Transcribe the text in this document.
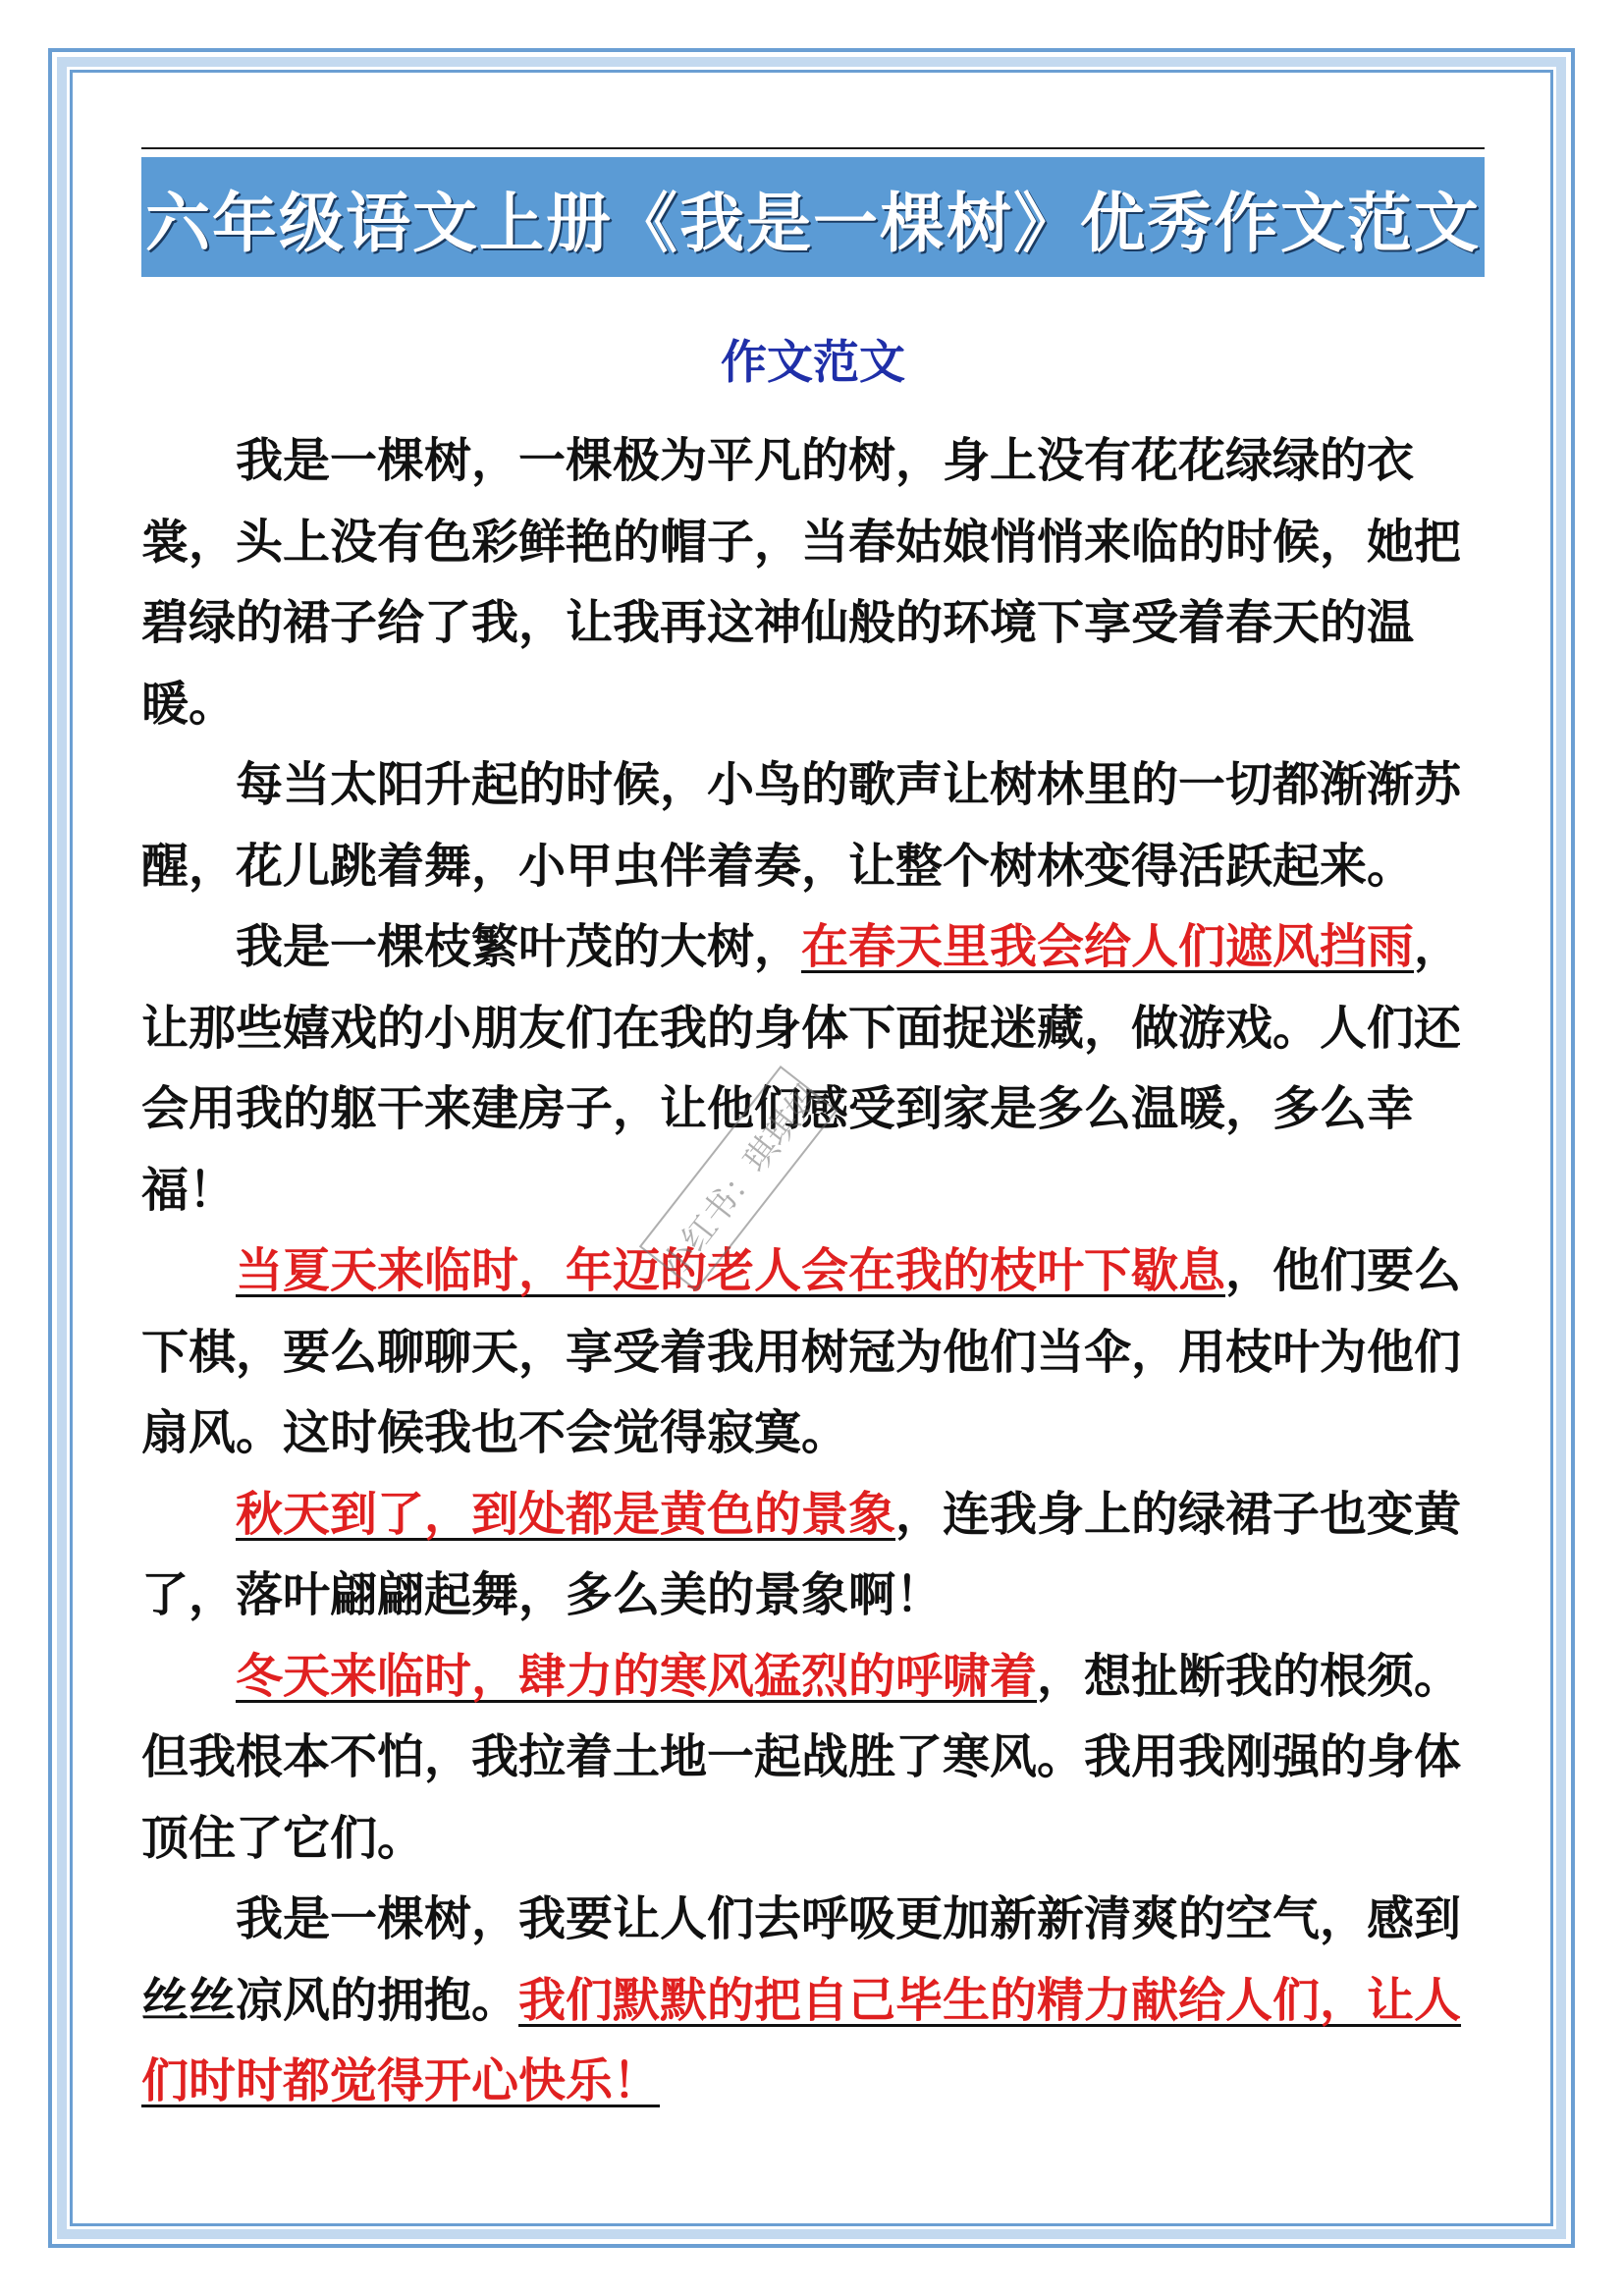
六年级语文上册《我是一棵树》优秀作文范文
作文范文

我是一棵树，一棵极为平凡的树，身上没有花花绿绿的衣裳，头上没有色彩鲜艳的帽子，当春姑娘悄悄来临的时候，她把碧绿的裙子给了我，让我再这神仙般的环境下享受着春天的温暖。

每当太阳升起的时候，小鸟的歌声让树林里的一切都渐渐苏醒，花儿跳着舞，小甲虫伴着奏，让整个树林变得活跃起来。

我是一棵枝繁叶茂的大树，在春天里我会给人们遮风挡雨，让那些嬉戏的小朋友们在我的身体下面捉迷藏，做游戏。人们还会用我的躯干来建房子，让他们感受到家是多么温暖，多么幸福！

当夏天来临时，年迈的老人会在我的枝叶下歇息，他们要么下棋，要么聊聊天，享受着我用树冠为他们当伞，用枝叶为他们扇风。这时候我也不会觉得寂寞。

秋天到了，到处都是黄色的景象，连我身上的绿裙子也变黄了，落叶翩翩起舞，多么美的景象啊！

冬天来临时，肆力的寒风猛烈的呼啸着，想扯断我的根须。但我根本不怕，我拉着土地一起战胜了寒风。我用我刚强的身体顶住了它们。

我是一棵树，我要让人们去呼吸更加新新清爽的空气，感到丝丝凉风的拥抱。我们默默的把自己毕生的精力献给人们，让人们时时都觉得开心快乐！

小红书：琪琪妈
